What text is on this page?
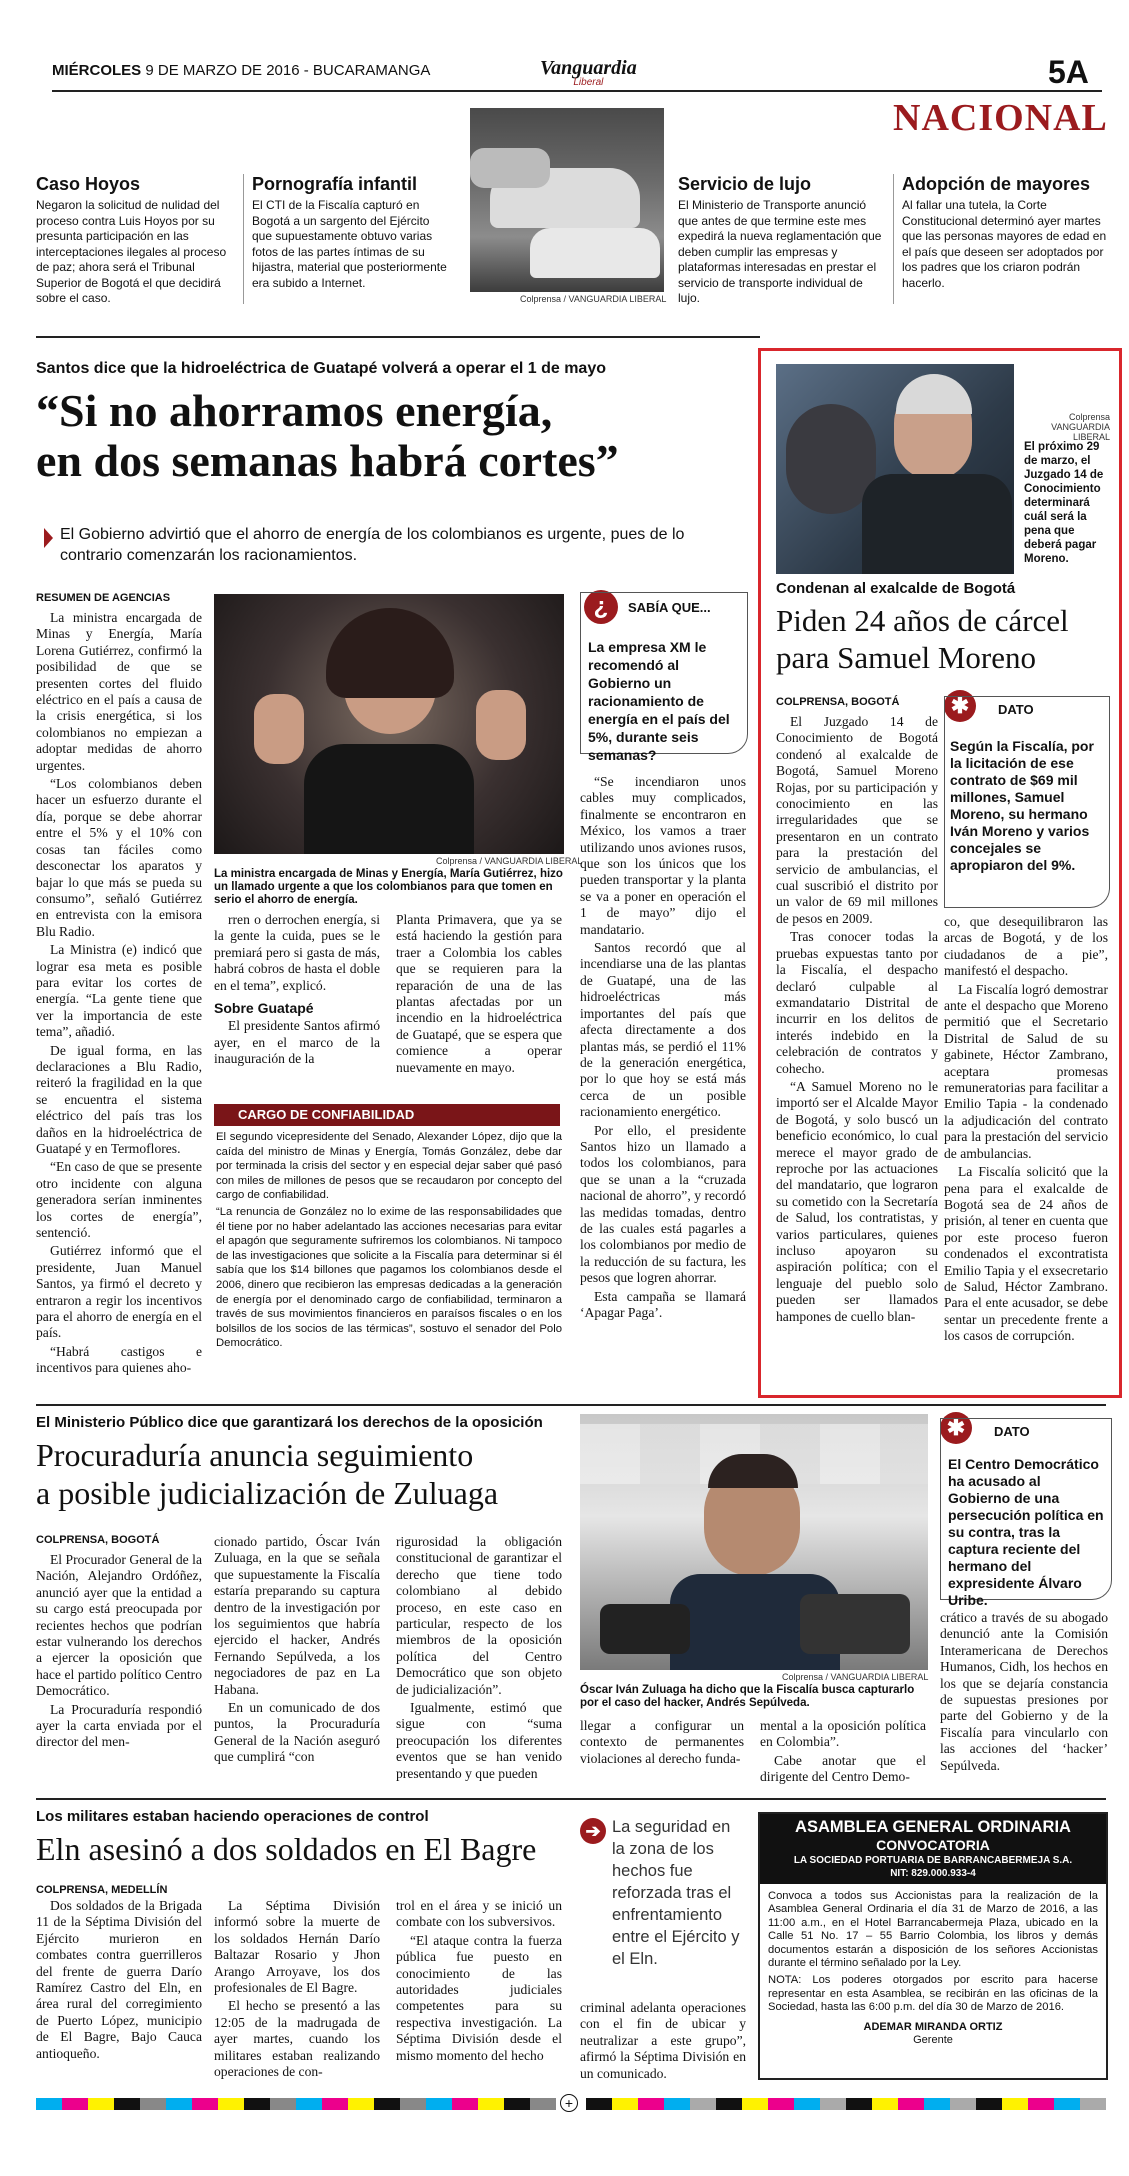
MIÉRCOLES 9 DE MARZO DE 2016 - BUCARAMANGA	Vanguardia
Liberal	5A
NACIONAL
Caso Hoyos

Negaron la solicitud de nulidad del proceso contra Luis Hoyos por su presunta participación en las interceptaciones ilegales al proceso de paz; ahora será el Tribunal Superior de Bogotá el que decidirá sobre el caso.

Pornografía infantil

El CTI de la Fiscalía capturó en Bogotá a un sargento del Ejército que supuestamente obtuvo varias fotos de las partes íntimas de su hijastra, material que posteriormente era subido a Internet.

Colprensa / VANGUARDIA LIBERAL
Servicio de lujo

El Ministerio de Transporte anunció que antes de que termine este mes expedirá la nueva reglamentación que deben cumplir las empresas y plataformas interesadas en prestar el servicio de transporte individual de lujo.

Adopción de mayores

Al fallar una tutela, la Corte Constitucional determinó ayer martes que las personas mayores de edad en el país que deseen ser adoptados por los padres que los criaron podrán hacerlo.

Santos dice que la hidroeléctrica de Guatapé volverá a operar el 1 de mayo
“Si no ahorramos energía,
en dos semanas habrá cortes”
El Gobierno advirtió que el ahorro de energía de los colombianos es urgente, pues de lo contrario comenzarán los racionamientos.
RESUMEN DE AGENCIAS

La ministra encargada de Minas y Energía, María Lorena Gutiérrez, confirmó la posibilidad de que se presenten cortes del fluido eléctrico en el país a causa de la crisis energética, si los colombianos no empiezan a adoptar medidas de ahorro urgentes.

“Los colombianos deben hacer un esfuerzo durante el día, porque se debe ahorrar entre el 5% y el 10% con cosas tan fáciles como desconectar los aparatos y bajar lo que más se pueda su consumo”, señaló Gutiérrez en entrevista con la emisora Blu Radio.

La Ministra (e) indicó que lograr esa meta es posible para evitar los cortes de energía. “La gente tiene que ver la importancia de este tema”, añadió.

De igual forma, en las declaraciones a Blu Radio, reiteró la fragilidad en la que se encuentra el sistema eléctrico del país tras los daños en la hidroeléctrica de Guatapé y en Termoflores.

“En caso de que se presente otro incidente con alguna generadora serían inminentes los cortes de energía”, sentenció.

Gutiérrez informó que el presidente, Juan Manuel Santos, ya firmó el decreto y entraron a regir los incentivos para el ahorro de energía en el país.

“Habrá castigos e incentivos para quienes aho-

Colprensa / VANGUARDIA LIBERAL
La ministra encargada de Minas y Energía, María Gutiérrez, hizo un llamado urgente a que los colombianos para que tomen en serio el ahorro de energía.
¿	SABÍA QUE...
La empresa XM le recomendó al Gobierno un racionamiento de energía en el país del 5%, durante seis semanas?

rren o derrochen energía, si la gente la cuida, pues se le premiará pero si gasta de más, habrá cobros de hasta el doble en el tema”, explicó.

Sobre Guatapé

El presidente Santos afirmó ayer, en el marco de la inauguración de la

Planta Primavera, que ya se está haciendo la gestión para traer a Colombia los cables que se requieren para la reparación de una de las plantas afectadas por un incendio en la hidroeléctrica de Guatapé, que se espera que comience a operar nuevamente en mayo.

“Se incendiaron unos cables muy complicados, finalmente se encontraron en México, los vamos a traer utilizando unos aviones rusos, que son los únicos que los pueden transportar y la planta se va a poner en operación el 1 de mayo” dijo el mandatario.

Santos recordó que al incendiarse una de las plantas de Guatapé, una de las hidroeléctricas más importantes del país que afecta directamente a dos plantas más, se perdió el 11% de la generación energética, por lo que hoy se está más cerca de un posible racionamiento energético.

Por ello, el presidente Santos hizo un llamado a todos los colombianos, para que se unan a la “cruzada nacional de ahorro”, y recordó las medidas tomadas, dentro de las cuales está pagarles a los colombianos por medio de la reducción de su factura, les pesos que logren ahorrar.

Esta campaña se llamará ‘Apagar Paga’.

CARGO DE CONFIABILIDAD

El segundo vicepresidente del Senado, Alexander López, dijo que la caída del ministro de Minas y Energía, Tomás González, debe dar por terminada la crisis del sector y en especial dejar saber qué pasó con miles de millones de pesos que se recaudaron por concepto del cargo de confiabilidad.

“La renuncia de González no lo exime de las responsabilidades que él tiene por no haber adelantado las acciones necesarias para evitar el apagón que seguramente sufriremos los colombianos. Ni tampoco de las investigaciones que solicite a la Fiscalía para determinar si él sabía que los $14 billones que pagamos los colombianos desde el 2006, dinero que recibieron las empresas dedicadas a la generación de energía por el denominado cargo de confiabilidad, terminaron a través de sus movimientos financieros en paraísos fiscales o en los bolsillos de los socios de las térmicas”, sostuvo el senador del Polo Democrático.

Colprensa VANGUARDIA LIBERAL
El próximo 29 de marzo, el Juzgado 14 de Conocimiento determinará cuál será la pena que deberá pagar Moreno.
Condenan al exalcalde de Bogotá
Piden 24 años de cárcel para Samuel Moreno
COLPRENSA, BOGOTÁ

El Juzgado 14 de Conocimiento de Bogotá condenó al exalcalde de Bogotá, Samuel Moreno Rojas, por su participación y conocimiento en las irregularidades que se presentaron en un contrato para la prestación del servicio de ambulancias, el cual suscribió el distrito por un valor de 69 mil millones de pesos en 2009.

Tras conocer todas la pruebas expuestas tanto por la Fiscalía, el despacho declaró culpable al exmandatario Distrital de incurrir en los delitos de interés indebido en la celebración de contratos y cohecho.

“A Samuel Moreno no le importó ser el Alcalde Mayor de Bogotá, y solo buscó un beneficio económico, lo cual merece el mayor grado de reproche por las actuaciones del mandatario, que lograron su cometido con la Secretaría de Salud, los contratistas, y varios particulares, quienes incluso apoyaron su aspiración política; con el lenguaje del pueblo solo pueden ser llamados hampones de cuello blan-

✱	DATO

Según la Fiscalía, por la licitación de ese contrato de $69 mil millones, Samuel Moreno, su hermano Iván Moreno y varios concejales se apropiaron del 9%.

co, que desequilibraron las arcas de Bogotá, y de los ciudadanos de a pie”, manifestó el despacho.

La Fiscalía logró demostrar ante el despacho que Moreno permitió que el Secretario Distrital de Salud de su gabinete, Héctor Zambrano, aceptara promesas remuneratorias para facilitar a Emilio Tapia - la condenado la adjudicación del contrato para la prestación del servicio de ambulancias.

La Fiscalía solicitó que la pena para el exalcalde de Bogotá sea de 24 años de prisión, al tener en cuenta que por este proceso fueron condenados el excontratista Emilio Tapia y el exsecretario de Salud, Héctor Zambrano. Para el ente acusador, se debe sentar un precedente frente a los casos de corrupción.

El Ministerio Público dice que garantizará los derechos de la oposición
Procuraduría anuncia seguimiento
a posible judicialización de Zuluaga
COLPRENSA, BOGOTÁ

El Procurador General de la Nación, Alejandro Ordóñez, anunció ayer que la entidad a su cargo está preocupada por recientes hechos que podrían estar vulnerando los derechos a ejercer la oposición que hace el partido político Centro Democrático.

La Procuraduría respondió ayer la carta enviada por el director del men-

cionado partido, Óscar Iván Zuluaga, en la que se señala que supuestamente la Fiscalía estaría preparando su captura dentro de la investigación por los seguimientos que habría ejercido el hacker, Andrés Fernando Sepúlveda, a los negociadores de paz en La Habana.

En un comunicado de dos puntos, la Procuraduría General de la Nación aseguró que cumplirá “con

rigurosidad la obligación constitucional de garantizar el derecho que tiene todo colombiano al debido proceso, en este caso en particular, respecto de los miembros de la oposición política del Centro Democrático que son objeto de judicialización”.

Igualmente, estimó que sigue con “suma preocupación los diferentes eventos que se han venido presentando y que pueden

Colprensa / VANGUARDIA LIBERAL
Óscar Iván Zuluaga ha dicho que la Fiscalía busca capturarlo por el caso del hacker, Andrés Sepúlveda.

llegar a configurar un contexto de permanentes violaciones al derecho funda-

mental a la oposición política en Colombia”.

Cabe anotar que el dirigente del Centro Demo-

✱	DATO

El Centro Democrático ha acusado al Gobierno de una persecución política en su contra, tras la captura reciente del hermano del expresidente Álvaro Uribe.

crático a través de su abogado denunció ante la Comisión Interamericana de Derechos Humanos, Cidh, los hechos en los que se dejaría constancia de supuestas presiones por parte del Gobierno y de la Fiscalía para vincularlo con las acciones del ‘hacker’ Sepúlveda.

Los militares estaban haciendo operaciones de control
Eln asesinó a dos soldados en El Bagre
COLPRENSA, MEDELLÍN

Dos soldados de la Brigada 11 de la Séptima División del Ejército murieron en combates contra guerrilleros del frente de guerra Darío Ramírez Castro del Eln, en área rural del corregimiento de Puerto López, municipio de El Bagre, Bajo Cauca antioqueño.

La Séptima División informó sobre la muerte de los soldados Hernán Darío Baltazar Rosario y Jhon Arango Arroyave, los dos profesionales de El Bagre.

El hecho se presentó a las 12:05 de la madrugada de ayer martes, cuando los militares estaban realizando operaciones de con-

trol en el área y se inició un combate con los subversivos.

“El ataque contra la fuerza pública fue puesto en conocimiento de las autoridades judiciales competentes para su respectiva investigación. La Séptima División desde el mismo momento del hecho

➔ La seguridad en la zona de los hechos fue reforzada tras el enfrentamiento entre el Ejército y el Eln.

criminal adelanta operaciones con el fin de ubicar y neutralizar a este grupo”, afirmó la Séptima División en un comunicado.

ASAMBLEA GENERAL ORDINARIA
CONVOCATORIA
LA SOCIEDAD PORTUARIA DE BARRANCABERMEJA S.A.
NIT: 829.000.933-4

Convoca a todos sus Accionistas para la realización de la Asamblea General Ordinaria el día 31 de Marzo de 2016, a las 11:00 a.m., en el Hotel Barrancabermeja Plaza, ubicado en la Calle 51 No. 17 – 55 Barrio Colombia, los libros y demás documentos estarán a disposición de los señores Accionistas durante el término señalado por la Ley.

NOTA: Los poderes otorgados por escrito para hacerse representar en esta Asamblea, se recibirán en las oficinas de la Sociedad, hasta las 6:00 p.m. del día 30 de Marzo de 2016.

ADEMAR MIRANDA ORTIZ
Gerente
+
